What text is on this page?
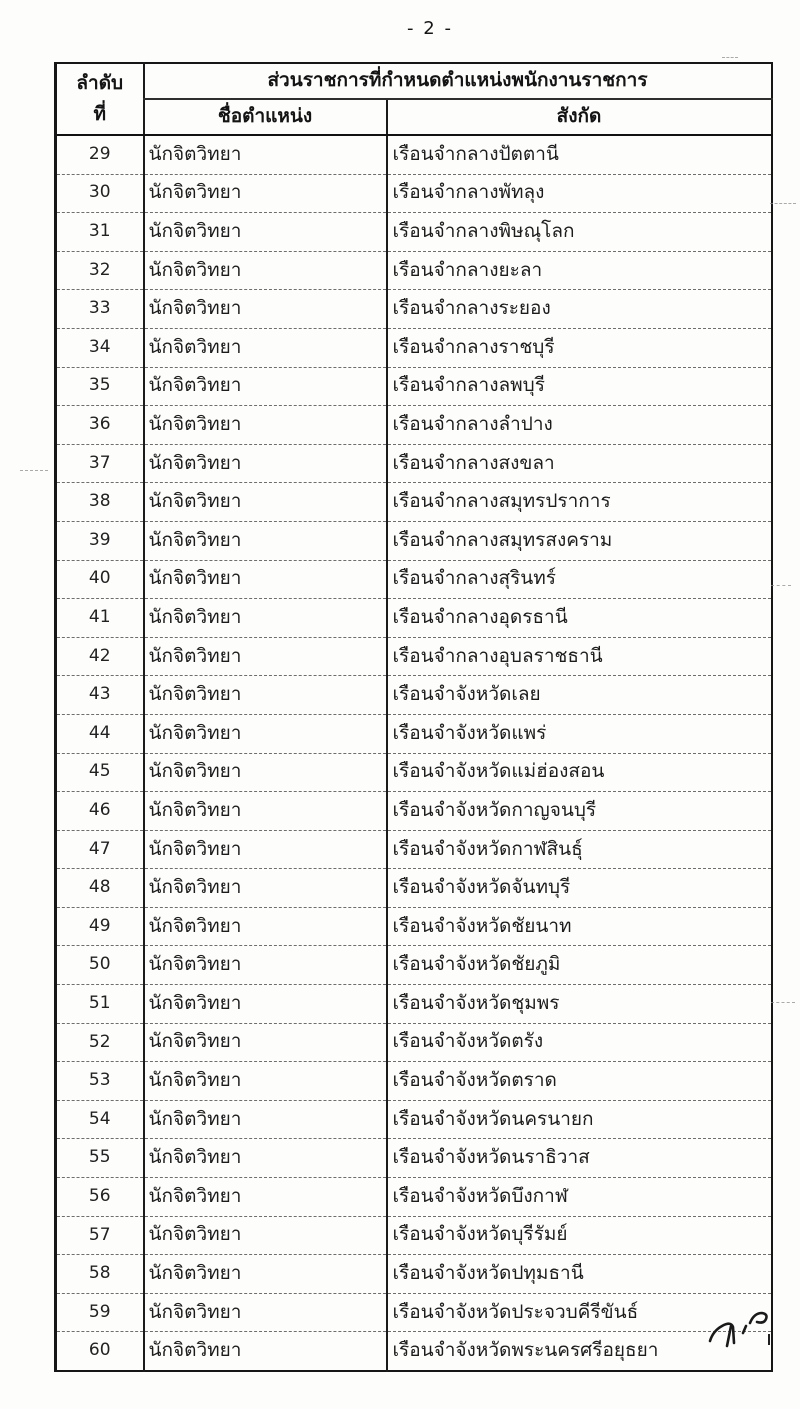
- 2 -
ลำดับ
ที่	ส่วนราชการที่กำหนดตำแหน่งพนักงานราชการ	
	ชื่อตำแหน่ง	สังกัด
29	นักจิตวิทยา	เรือนจำกลางปัตตานี
30	นักจิตวิทยา	เรือนจำกลางพัทลุง
31	นักจิตวิทยา	เรือนจำกลางพิษณุโลก
32	นักจิตวิทยา	เรือนจำกลางยะลา
33	นักจิตวิทยา	เรือนจำกลางระยอง
34	นักจิตวิทยา	เรือนจำกลางราชบุรี
35	นักจิตวิทยา	เรือนจำกลางลพบุรี
36	นักจิตวิทยา	เรือนจำกลางลำปาง
37	นักจิตวิทยา	เรือนจำกลางสงขลา
38	นักจิตวิทยา	เรือนจำกลางสมุทรปราการ
39	นักจิตวิทยา	เรือนจำกลางสมุทรสงคราม
40	นักจิตวิทยา	เรือนจำกลางสุรินทร์
41	นักจิตวิทยา	เรือนจำกลางอุดรธานี
42	นักจิตวิทยา	เรือนจำกลางอุบลราชธานี
43	นักจิตวิทยา	เรือนจำจังหวัดเลย
44	นักจิตวิทยา	เรือนจำจังหวัดแพร่
45	นักจิตวิทยา	เรือนจำจังหวัดแม่ฮ่องสอน
46	นักจิตวิทยา	เรือนจำจังหวัดกาญจนบุรี
47	นักจิตวิทยา	เรือนจำจังหวัดกาฬสินธุ์
48	นักจิตวิทยา	เรือนจำจังหวัดจันทบุรี
49	นักจิตวิทยา	เรือนจำจังหวัดชัยนาท
50	นักจิตวิทยา	เรือนจำจังหวัดชัยภูมิ
51	นักจิตวิทยา	เรือนจำจังหวัดชุมพร
52	นักจิตวิทยา	เรือนจำจังหวัดตรัง
53	นักจิตวิทยา	เรือนจำจังหวัดตราด
54	นักจิตวิทยา	เรือนจำจังหวัดนครนายก
55	นักจิตวิทยา	เรือนจำจังหวัดนราธิวาส
56	นักจิตวิทยา	เรือนจำจังหวัดบึงกาฬ
57	นักจิตวิทยา	เรือนจำจังหวัดบุรีรัมย์
58	นักจิตวิทยา	เรือนจำจังหวัดปทุมธานี
59	นักจิตวิทยา	เรือนจำจังหวัดประจวบคีรีขันธ์
60	นักจิตวิทยา	เรือนจำจังหวัดพระนครศรีอยุธยา
